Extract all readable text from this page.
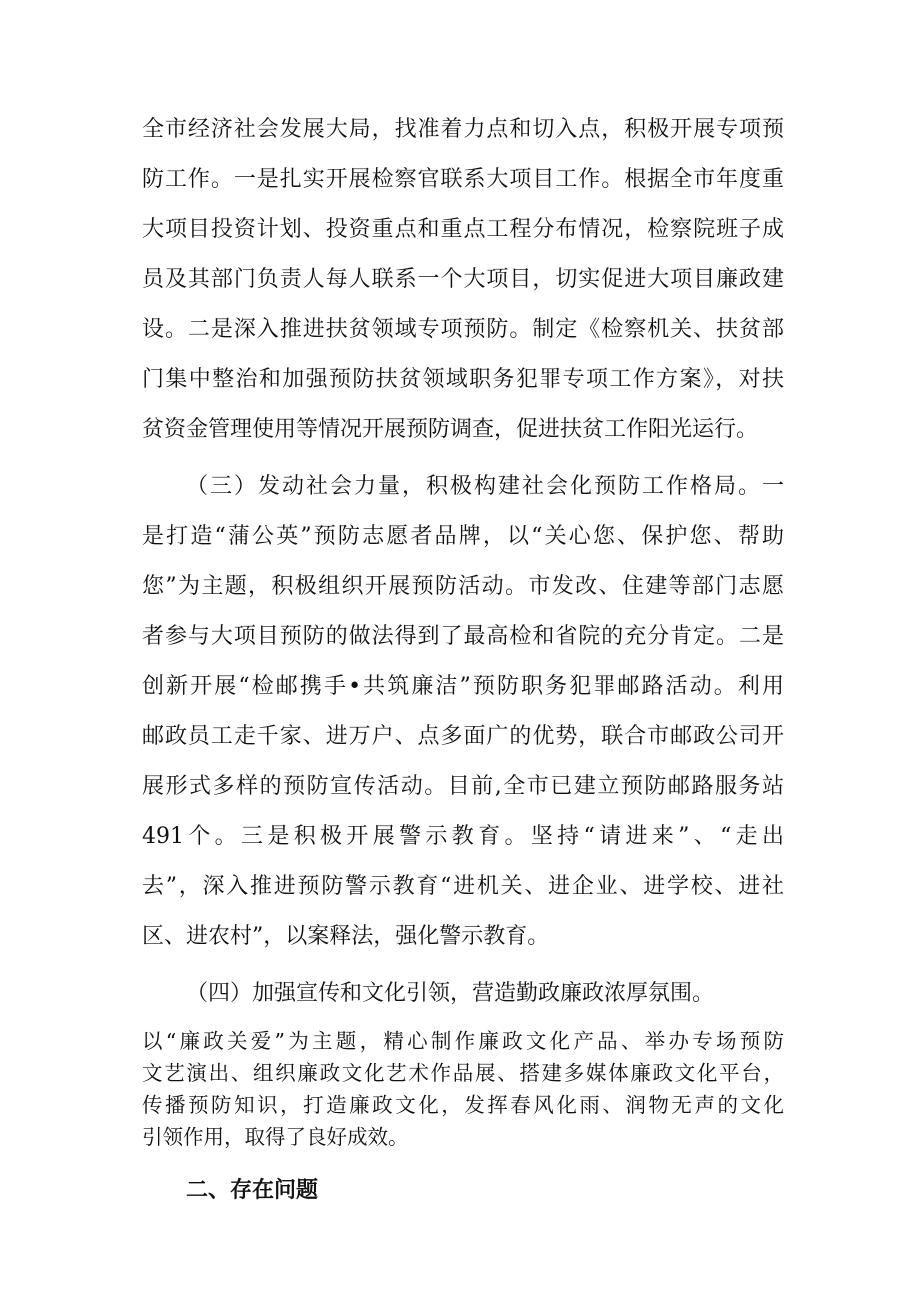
全市经济社会发展大局，找准着力点和切入点，积极开展专项预

防工作。一是扎实开展检察官联系大项目工作。根据全市年度重

大项目投资计划、投资重点和重点工程分布情况，检察院班子成

员及其部门负责人每人联系一个大项目，切实促进大项目廉政建

设。二是深入推进扶贫领域专项预防。制定《检察机关、扶贫部

门集中整治和加强预防扶贫领域职务犯罪专项工作方案》，对扶

贫资金管理使用等情况开展预防调查，促进扶贫工作阳光运行。

（三）发动社会力量，积极构建社会化预防工作格局。一

是打造“蒲公英”预防志愿者品牌，以“关心您、保护您、帮助

您”为主题，积极组织开展预防活动。市发改、住建等部门志愿

者参与大项目预防的做法得到了最高检和省院的充分肯定。二是

创新开展“检邮携手•共筑廉洁”预防职务犯罪邮路活动。利用

邮政员工走千家、进万户、点多面广的优势，联合市邮政公司开

展形式多样的预防宣传活动。目前,全市已建立预防邮路服务站

491个。三是积极开展警示教育。坚持“请进来”、“走出

去”，深入推进预防警示教育“进机关、进企业、进学校、进社

区、进农村”，以案释法，强化警示教育。

（四）加强宣传和文化引领，营造勤政廉政浓厚氛围。

以“廉政关爱”为主题，精心制作廉政文化产品、举办专场预防

文艺演出、组织廉政文化艺术作品展、搭建多媒体廉政文化平台，

传播预防知识，打造廉政文化，发挥春风化雨、润物无声的文化

引领作用，取得了良好成效。

二、存在问题
